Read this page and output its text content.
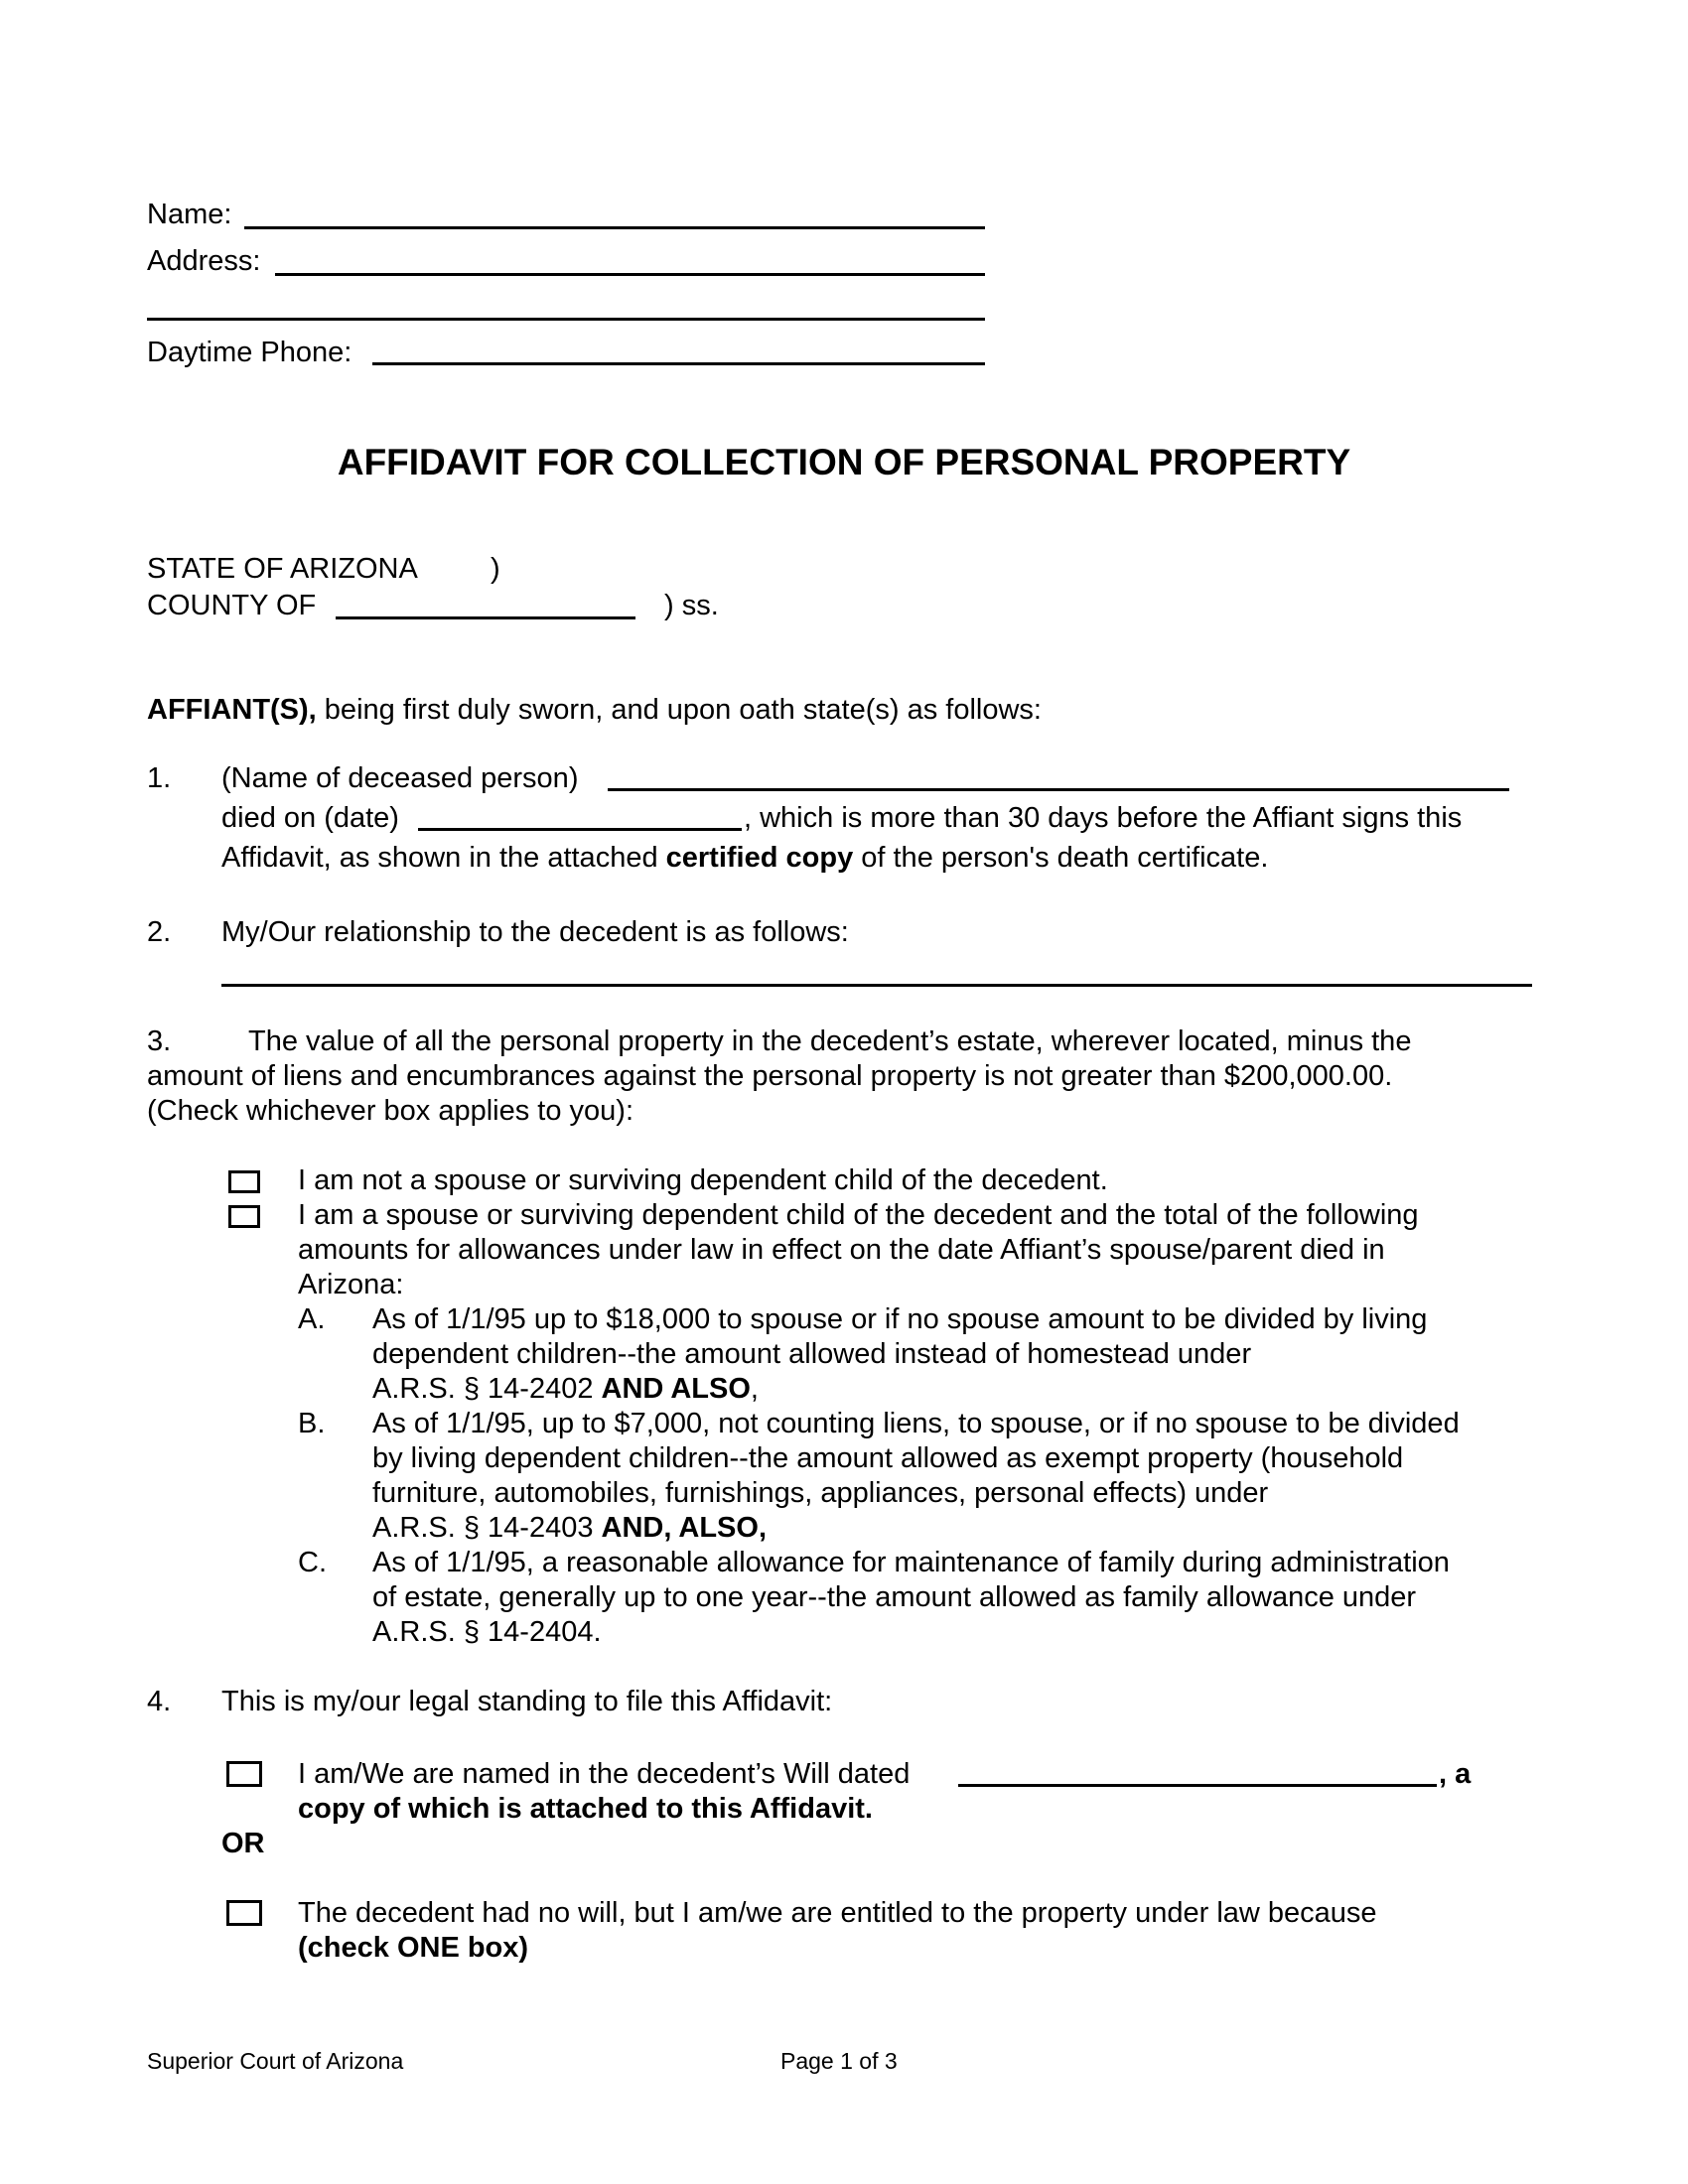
Name:
Address:
Daytime Phone:
AFFIDAVIT FOR COLLECTION OF PERSONAL PROPERTY
STATE OF ARIZONA	)
COUNTY OF	) ss.
AFFIANT(S), being first duly sworn, and upon oath state(s) as follows:
1. (Name of deceased person)
died on (date)	, which is more than 30 days before the Affiant signs this
Affidavit, as shown in the attached certified copy of the person's death certificate.
2. My/Our relationship to the decedent is as follows:
3.	The value of all the personal property in the decedent’s estate, wherever located, minus the
amount of liens and encumbrances against the personal property is not greater than $200,000.00.
(Check whichever box applies to you):
I am not a spouse or surviving dependent child of the decedent.
I am a spouse or surviving dependent child of the decedent and the total of the following
amounts for allowances under law in effect on the date Affiant’s spouse/parent died in
Arizona:
A. As of 1/1/95 up to $18,000 to spouse or if no spouse amount to be divided by living
dependent children--the amount allowed instead of homestead under
A.R.S. § 14-2402 AND ALSO,
B. As of 1/1/95, up to $7,000, not counting liens, to spouse, or if no spouse to be divided
by living dependent children--the amount allowed as exempt property (household
furniture, automobiles, furnishings, appliances, personal effects) under
A.R.S. § 14-2403 AND, ALSO,
C. As of 1/1/95, a reasonable allowance for maintenance of family during administration
of estate, generally up to one year--the amount allowed as family allowance under
A.R.S. § 14-2404.
4. This is my/our legal standing to file this Affidavit:
I am/We are named in the decedent’s Will dated	, a
copy of which is attached to this Affidavit.
OR
The decedent had no will, but I am/we are entitled to the property under law because
(check ONE box)
Superior Court of Arizona	Page 1 of 3
